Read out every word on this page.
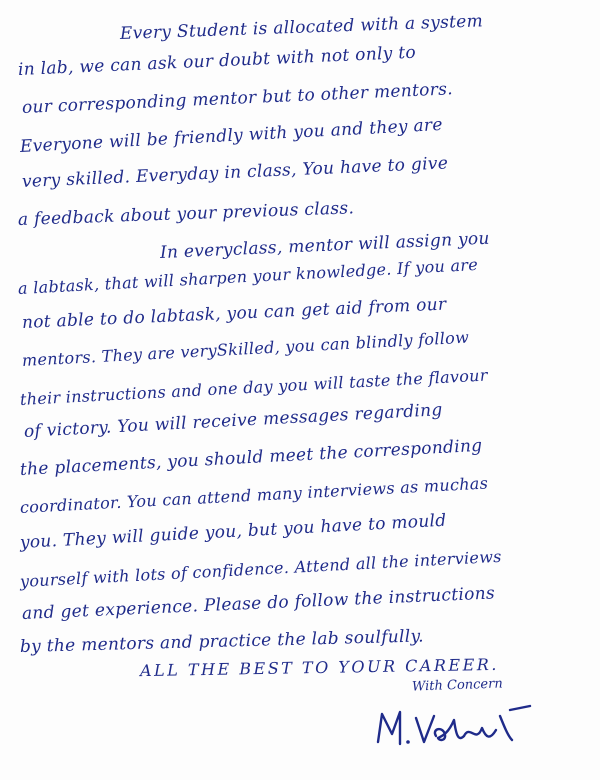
Every Student is allocated with a system
in lab, we can ask our doubt with not only to
our corresponding mentor but to other mentors.
Everyone will be friendly with you and they are
very skilled. Everyday in class, You have to give
a feedback about your previous class.
In everyclass, mentor will assign you
a labtask, that will sharpen your knowledge. If you are
not able to do labtask, you can get aid from our
mentors. They are verySkilled, you can blindly follow
their instructions and one day you will taste the flavour
of victory. You will receive messages regarding
the placements, you should meet the corresponding
coordinator. You can attend many interviews as muchas
you. They will guide you, but you have to mould
yourself with lots of confidence. Attend all the interviews
and get experience. Please do follow the instructions
by the mentors and practice the lab soulfully.
ALL THE BEST TO YOUR CAREER.
With Concern
